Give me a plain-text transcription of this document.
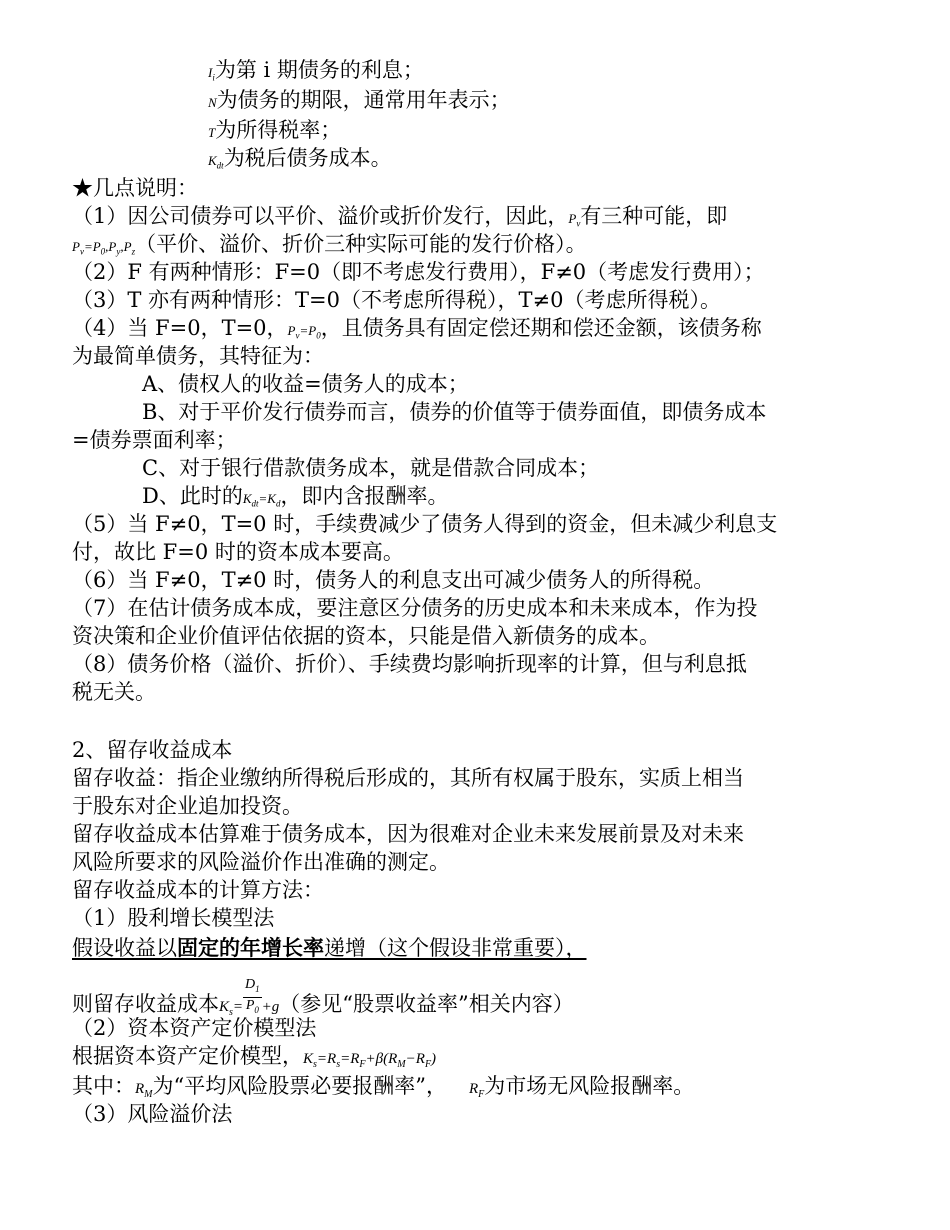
$I_i$为第 i 期债务的利息；
N为债务的期限，通常用年表示；
T为所得税率；
$K_{dt}$为税后债务成本。
★几点说明：
（1）因公司债券可以平价、溢价或折价发行，因此，$P_v$有三种可能，即
$P_v=P_0,P_y,P_z$（平价、溢价、折价三种实际可能的发行价格）。
（2）F 有两种情形：F=0（即不考虑发行费用），F≠0（考虑发行费用）；
（3）T 亦有两种情形：T=0（不考虑所得税），T≠0（考虑所得税）。
（4）当 F=0，T=0，$P_v=P_0$，且债务具有固定偿还期和偿还金额，该债务称
为最简单债务，其特征为：
A、债权人的收益=债务人的成本；
B、对于平价发行债券而言，债券的价值等于债券面值，即债务成本
=债券票面利率；
C、对于银行借款债务成本，就是借款合同成本；
D、此时的$K_{dt}=K_d$，即内含报酬率。
（5）当 F≠0，T=0 时，手续费减少了债务人得到的资金，但未减少利息支
付，故比 F=0 时的资本成本要高。
（6）当 F≠0，T≠0 时，债务人的利息支出可减少债务人的所得税。
（7）在估计债务成本成，要注意区分债务的历史成本和未来成本，作为投
资决策和企业价值评估依据的资本，只能是借入新债务的成本。
（8）债务价格（溢价、折价）、手续费均影响折现率的计算，但与利息抵
税无关。
2、留存收益成本
留存收益：指企业缴纳所得税后形成的，其所有权属于股东，实质上相当
于股东对企业追加投资。
留存收益成本估算难于债务成本，因为很难对企业未来发展前景及对未来
风险所要求的风险溢价作出准确的测定。
留存收益成本的计算方法：
（1）股利增长模型法
假设收益以固定的年增长率递增（这个假设非常重要），
则留存收益成本$K_s= \frac{D_1}{P_0} +g$（参见“股票收益率”相关内容）
（2）资本资产定价模型法
根据资本资产定价模型，$K_s=R_s=R_F+\beta(R_M-R_F)$
其中：$R_M$为“平均风险股票必要报酬率”， $R_F$为市场无风险报酬率。
（3）风险溢价法
